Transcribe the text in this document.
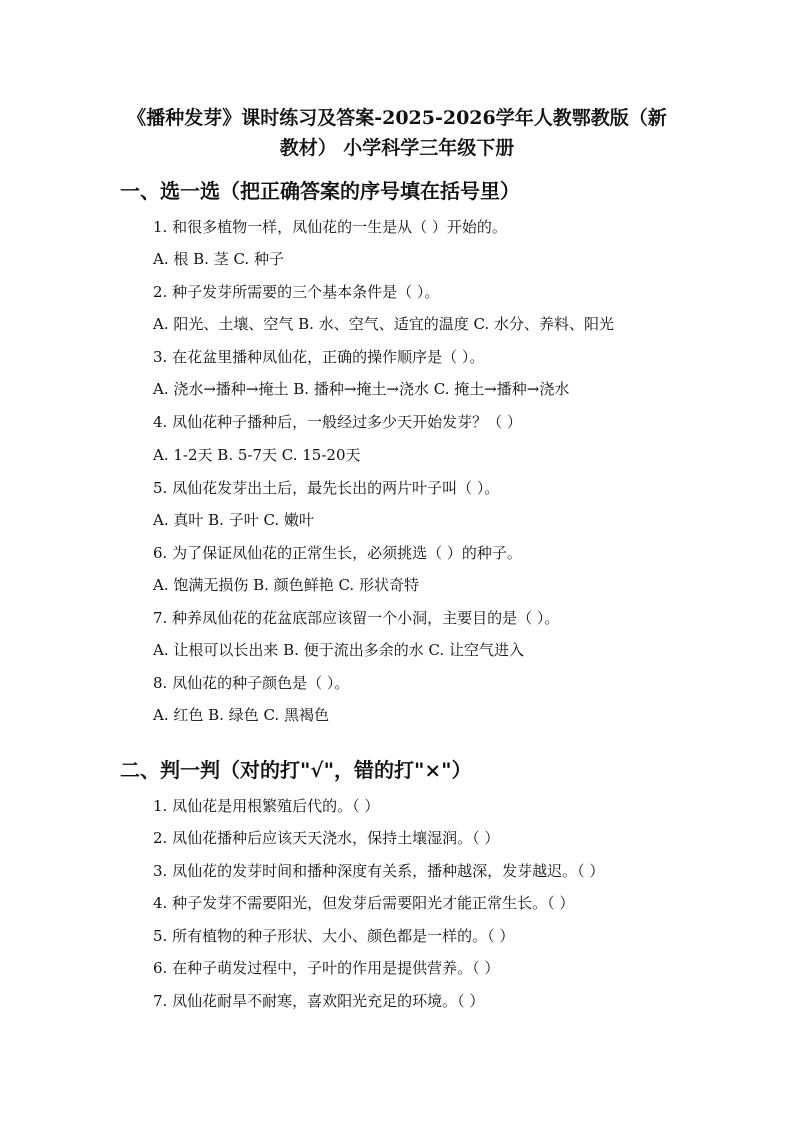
《播种发芽》课时练习及答案-2025-2026学年人教鄂教版（新
教材） 小学科学三年级下册
一、选一选（把正确答案的序号填在括号里）
1. 和很多植物一样，凤仙花的一生是从（ ）开始的。
A. 根 B. 茎 C. 种子
2. 种子发芽所需要的三个基本条件是（ ）。
A. 阳光、土壤、空气 B. 水、空气、适宜的温度 C. 水分、养料、阳光
3. 在花盆里播种凤仙花，正确的操作顺序是（ ）。
A. 浇水→播种→掩土 B. 播种→掩土→浇水 C. 掩土→播种→浇水
4. 凤仙花种子播种后，一般经过多少天开始发芽？（ ）
A. 1-2天 B. 5-7天 C. 15-20天
5. 凤仙花发芽出土后，最先长出的两片叶子叫（ ）。
A. 真叶 B. 子叶 C. 嫩叶
6. 为了保证凤仙花的正常生长，必须挑选（ ）的种子。
A. 饱满无损伤 B. 颜色鲜艳 C. 形状奇特
7. 种养凤仙花的花盆底部应该留一个小洞，主要目的是（ ）。
A. 让根可以长出来 B. 便于流出多余的水 C. 让空气进入
8. 凤仙花的种子颜色是（ ）。
A. 红色 B. 绿色 C. 黑褐色
二、判一判（对的打"√"，错的打"×"）
1. 凤仙花是用根繁殖后代的。（ ）
2. 凤仙花播种后应该天天浇水，保持土壤湿润。（ ）
3. 凤仙花的发芽时间和播种深度有关系，播种越深，发芽越迟。（ ）
4. 种子发芽不需要阳光，但发芽后需要阳光才能正常生长。（ ）
5. 所有植物的种子形状、大小、颜色都是一样的。（ ）
6. 在种子萌发过程中，子叶的作用是提供营养。（ ）
7. 凤仙花耐旱不耐寒，喜欢阳光充足的环境。（ ）
